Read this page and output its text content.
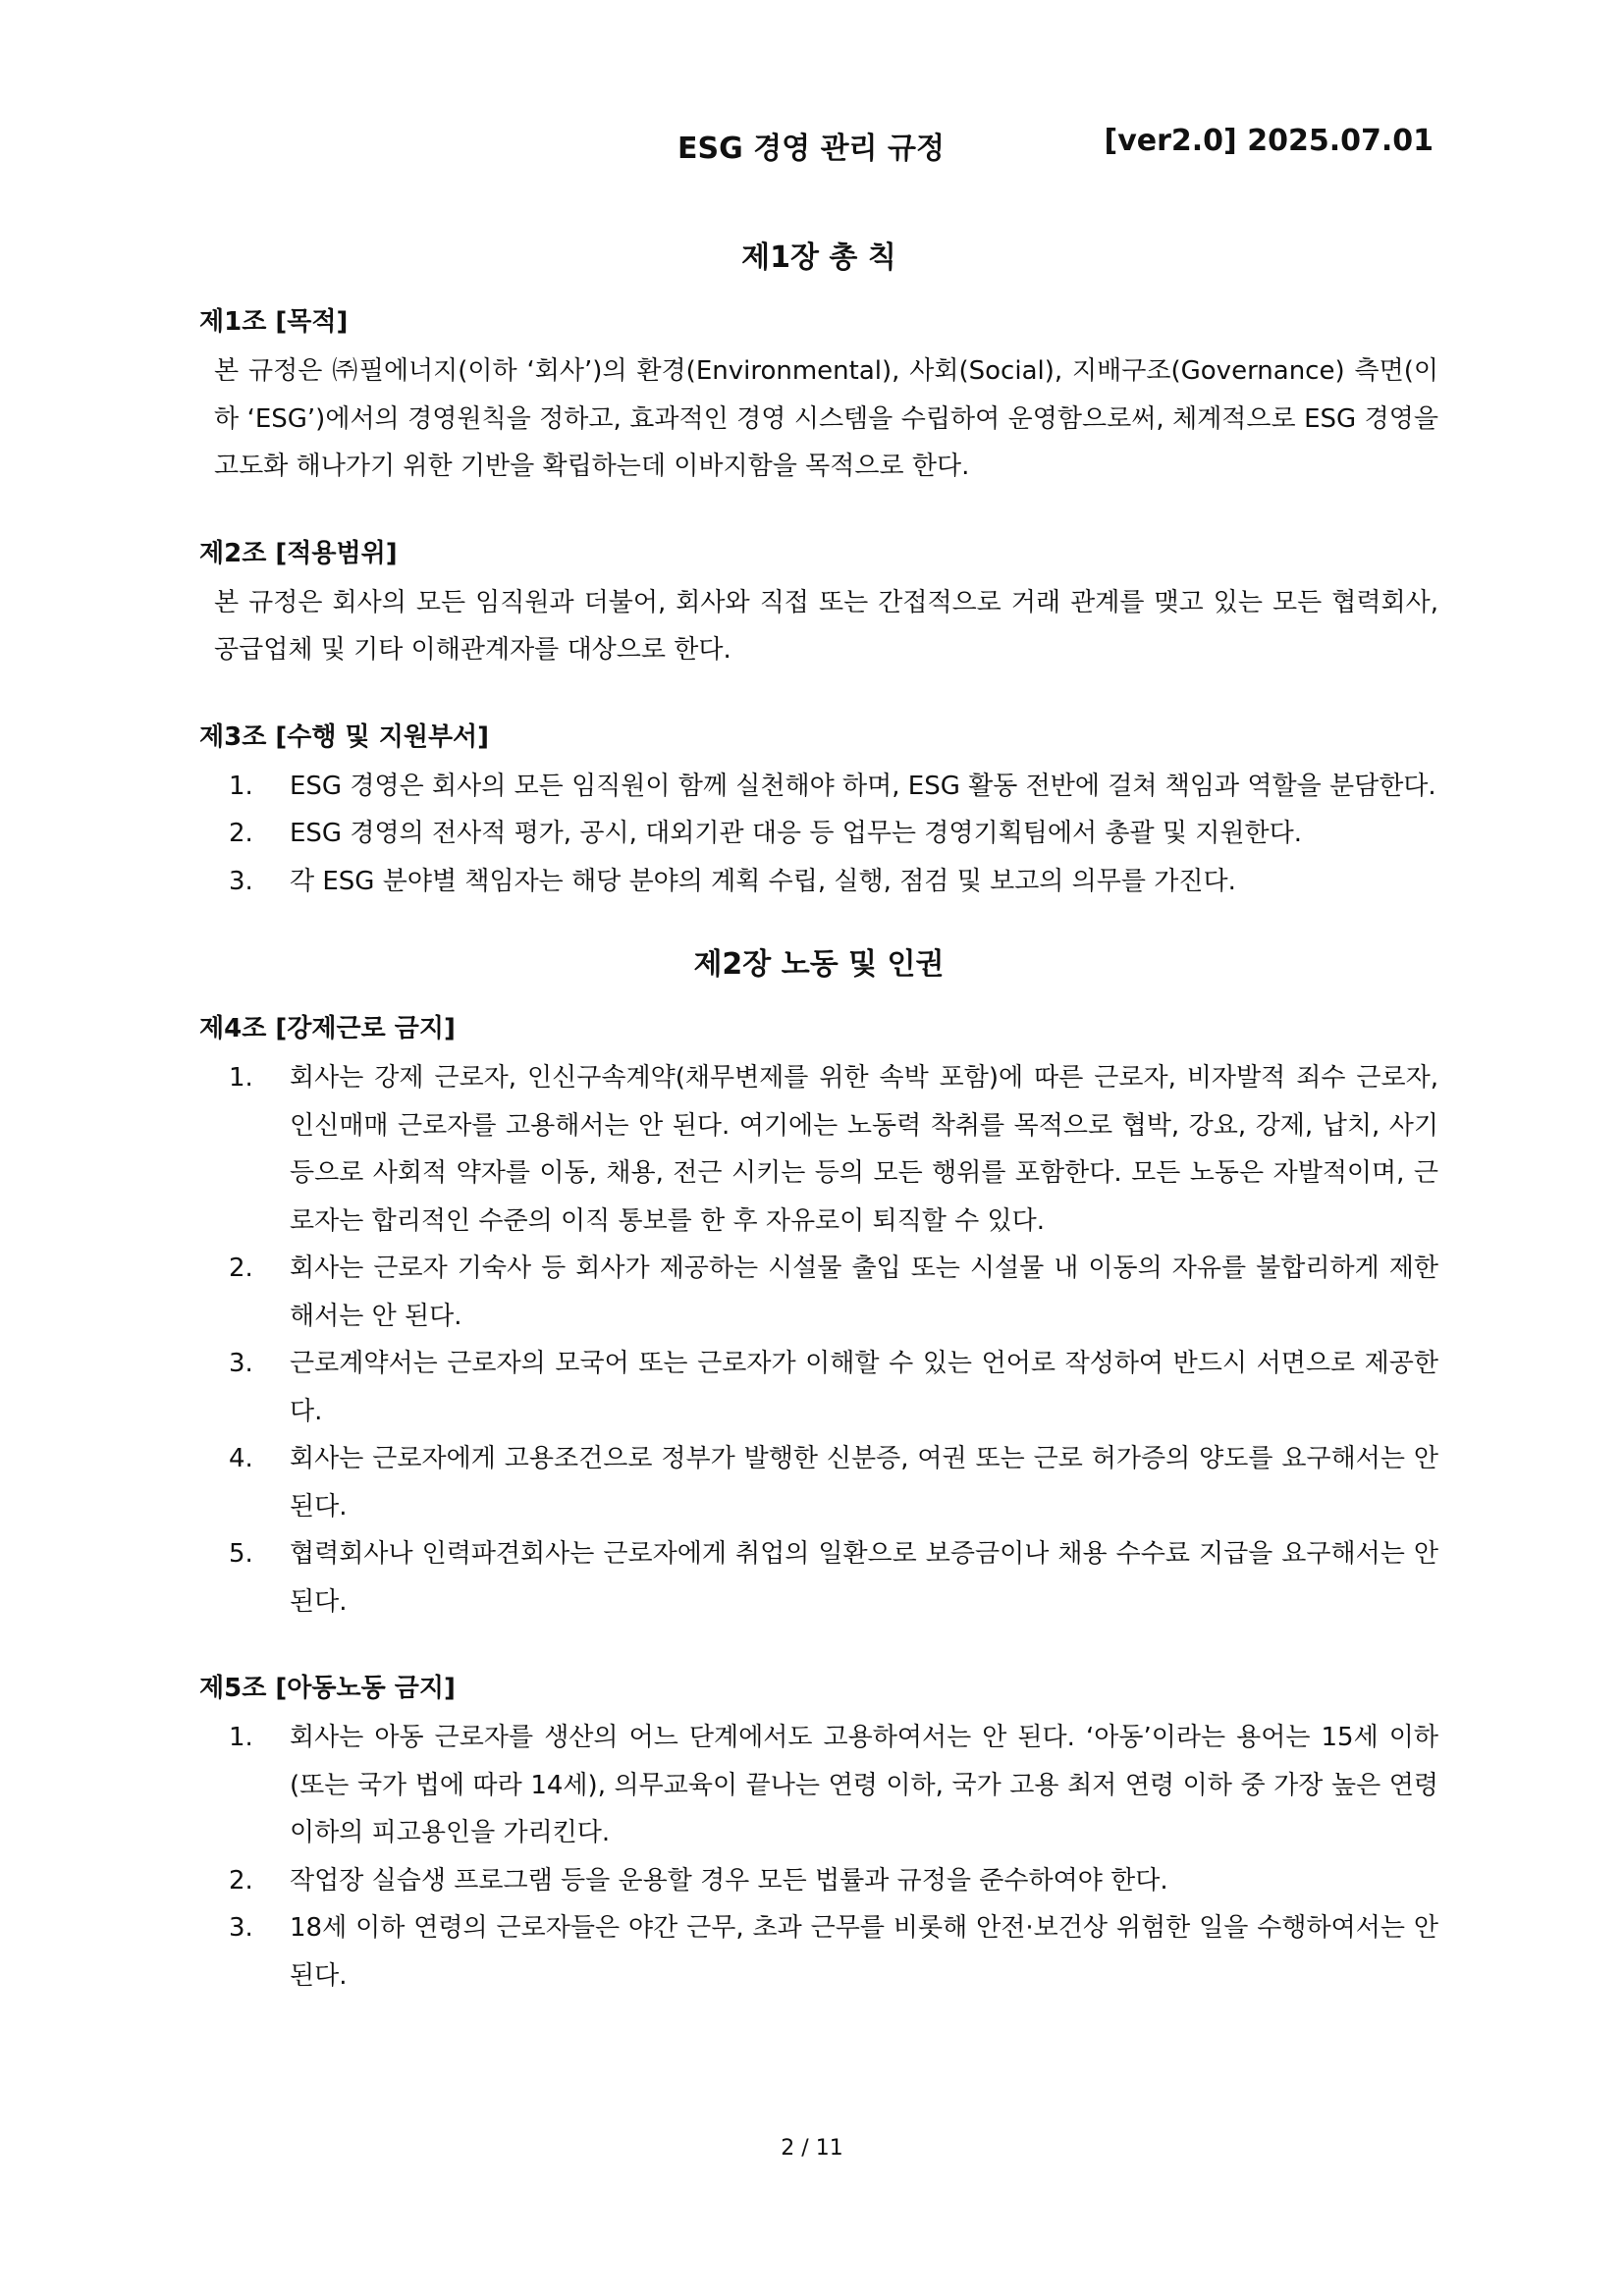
ESG 경영 관리 규정	[ver2.0] 2025.07.01
제1장 총 칙
제1조 [목적]
본 규정은 ㈜필에너지(이하 ‘회사’)의 환경(Environmental), 사회(Social), 지배구조(Governance) 측면(이하 ‘ESG’)에서의 경영원칙을 정하고, 효과적인 경영 시스템을 수립하여 운영함으로써, 체계적으로 ESG 경영을 고도화 해나가기 위한 기반을 확립하는데 이바지함을 목적으로 한다.
제2조 [적용범위]
본 규정은 회사의 모든 임직원과 더불어, 회사와 직접 또는 간접적으로 거래 관계를 맺고 있는 모든 협력회사, 공급업체 및 기타 이해관계자를 대상으로 한다.
제3조 [수행 및 지원부서]
1. ESG 경영은 회사의 모든 임직원이 함께 실천해야 하며, ESG 활동 전반에 걸쳐 책임과 역할을 분담한다.
2. ESG 경영의 전사적 평가, 공시, 대외기관 대응 등 업무는 경영기획팀에서 총괄 및 지원한다.
3. 각 ESG 분야별 책임자는 해당 분야의 계획 수립, 실행, 점검 및 보고의 의무를 가진다.
제2장 노동 및 인권
제4조 [강제근로 금지]
1. 회사는 강제 근로자, 인신구속계약(채무변제를 위한 속박 포함)에 따른 근로자, 비자발적 죄수 근로자, 인신매매 근로자를 고용해서는 안 된다. 여기에는 노동력 착취를 목적으로 협박, 강요, 강제, 납치, 사기 등으로 사회적 약자를 이동, 채용, 전근 시키는 등의 모든 행위를 포함한다. 모든 노동은 자발적이며, 근로자는 합리적인 수준의 이직 통보를 한 후 자유로이 퇴직할 수 있다.
2. 회사는 근로자 기숙사 등 회사가 제공하는 시설물 출입 또는 시설물 내 이동의 자유를 불합리하게 제한해서는 안 된다.
3. 근로계약서는 근로자의 모국어 또는 근로자가 이해할 수 있는 언어로 작성하여 반드시 서면으로 제공한다.
4. 회사는 근로자에게 고용조건으로 정부가 발행한 신분증, 여권 또는 근로 허가증의 양도를 요구해서는 안 된다.
5. 협력회사나 인력파견회사는 근로자에게 취업의 일환으로 보증금이나 채용 수수료 지급을 요구해서는 안 된다.
제5조 [아동노동 금지]
1. 회사는 아동 근로자를 생산의 어느 단계에서도 고용하여서는 안 된다. ‘아동’이라는 용어는 15세 이하(또는 국가 법에 따라 14세), 의무교육이 끝나는 연령 이하, 국가 고용 최저 연령 이하 중 가장 높은 연령 이하의 피고용인을 가리킨다.
2. 작업장 실습생 프로그램 등을 운용할 경우 모든 법률과 규정을 준수하여야 한다.
3. 18세 이하 연령의 근로자들은 야간 근무, 초과 근무를 비롯해 안전·보건상 위험한 일을 수행하여서는 안 된다.
2 / 11
